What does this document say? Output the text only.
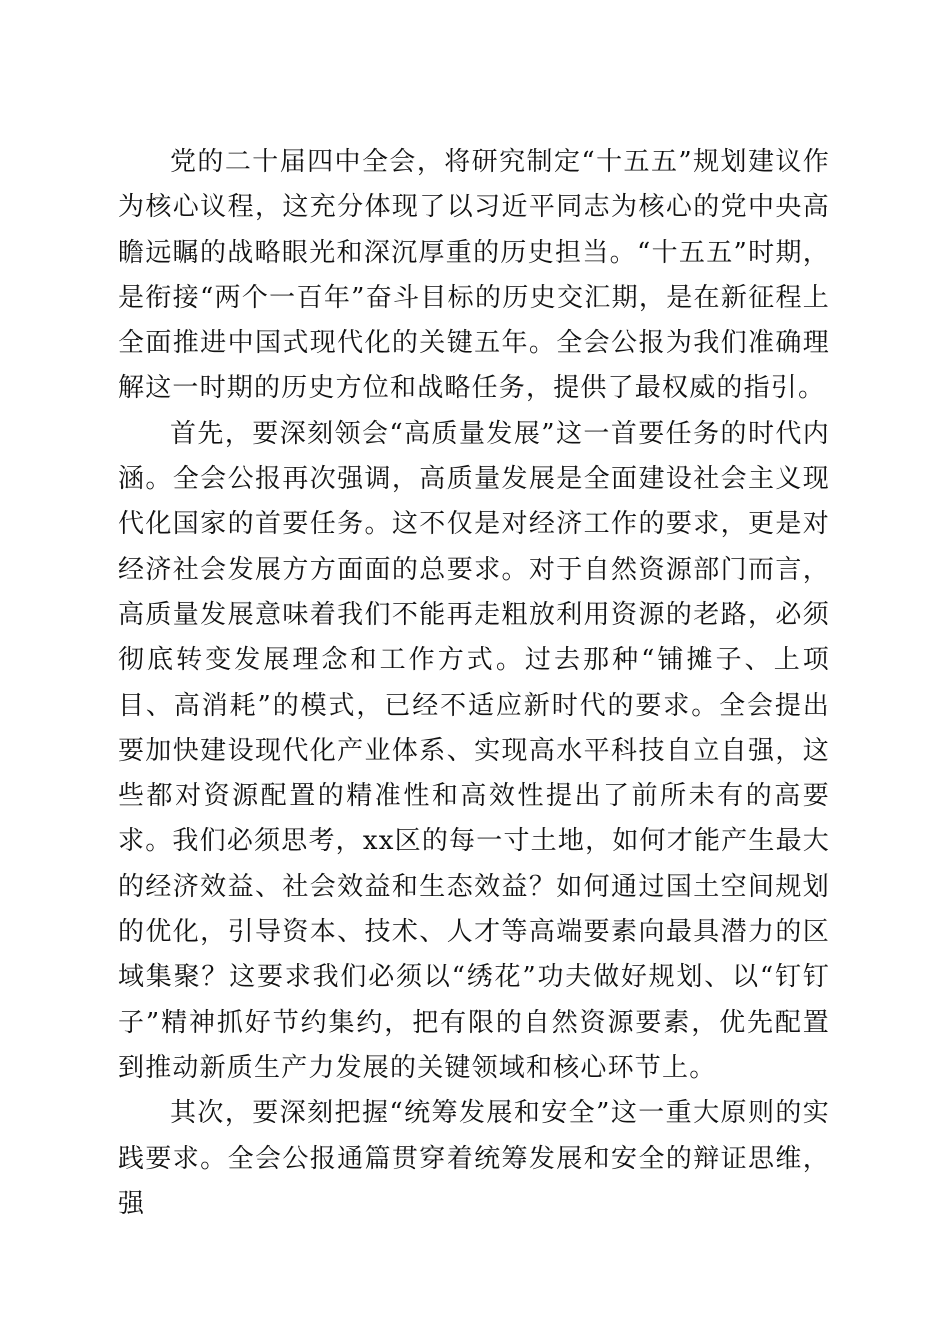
党的二十届四中全会，将研究制定“十五五”规划建议作为核心议程，这充分体现了以习近平同志为核心的党中央高瞻远瞩的战略眼光和深沉厚重的历史担当。“十五五”时期，是衔接“两个一百年”奋斗目标的历史交汇期，是在新征程上全面推进中国式现代化的关键五年。全会公报为我们准确理解这一时期的历史方位和战略任务，提供了最权威的指引。

首先，要深刻领会“高质量发展”这一首要任务的时代内涵。全会公报再次强调，高质量发展是全面建设社会主义现代化国家的首要任务。这不仅是对经济工作的要求，更是对经济社会发展方方面面的总要求。对于自然资源部门而言，高质量发展意味着我们不能再走粗放利用资源的老路，必须彻底转变发展理念和工作方式。过去那种“铺摊子、上项目、高消耗”的模式，已经不适应新时代的要求。全会提出要加快建设现代化产业体系、实现高水平科技自立自强，这些都对资源配置的精准性和高效性提出了前所未有的高要求。我们必须思考，xx区的每一寸土地，如何才能产生最大的经济效益、社会效益和生态效益？如何通过国土空间规划的优化，引导资本、技术、人才等高端要素向最具潜力的区域集聚？这要求我们必须以“绣花”功夫做好规划、以“钉钉子”精神抓好节约集约，把有限的自然资源要素，优先配置到推动新质生产力发展的关键领域和核心环节上。

其次，要深刻把握“统筹发展和安全”这一重大原则的实践要求。全会公报通篇贯穿着统筹发展和安全的辩证思维，强
